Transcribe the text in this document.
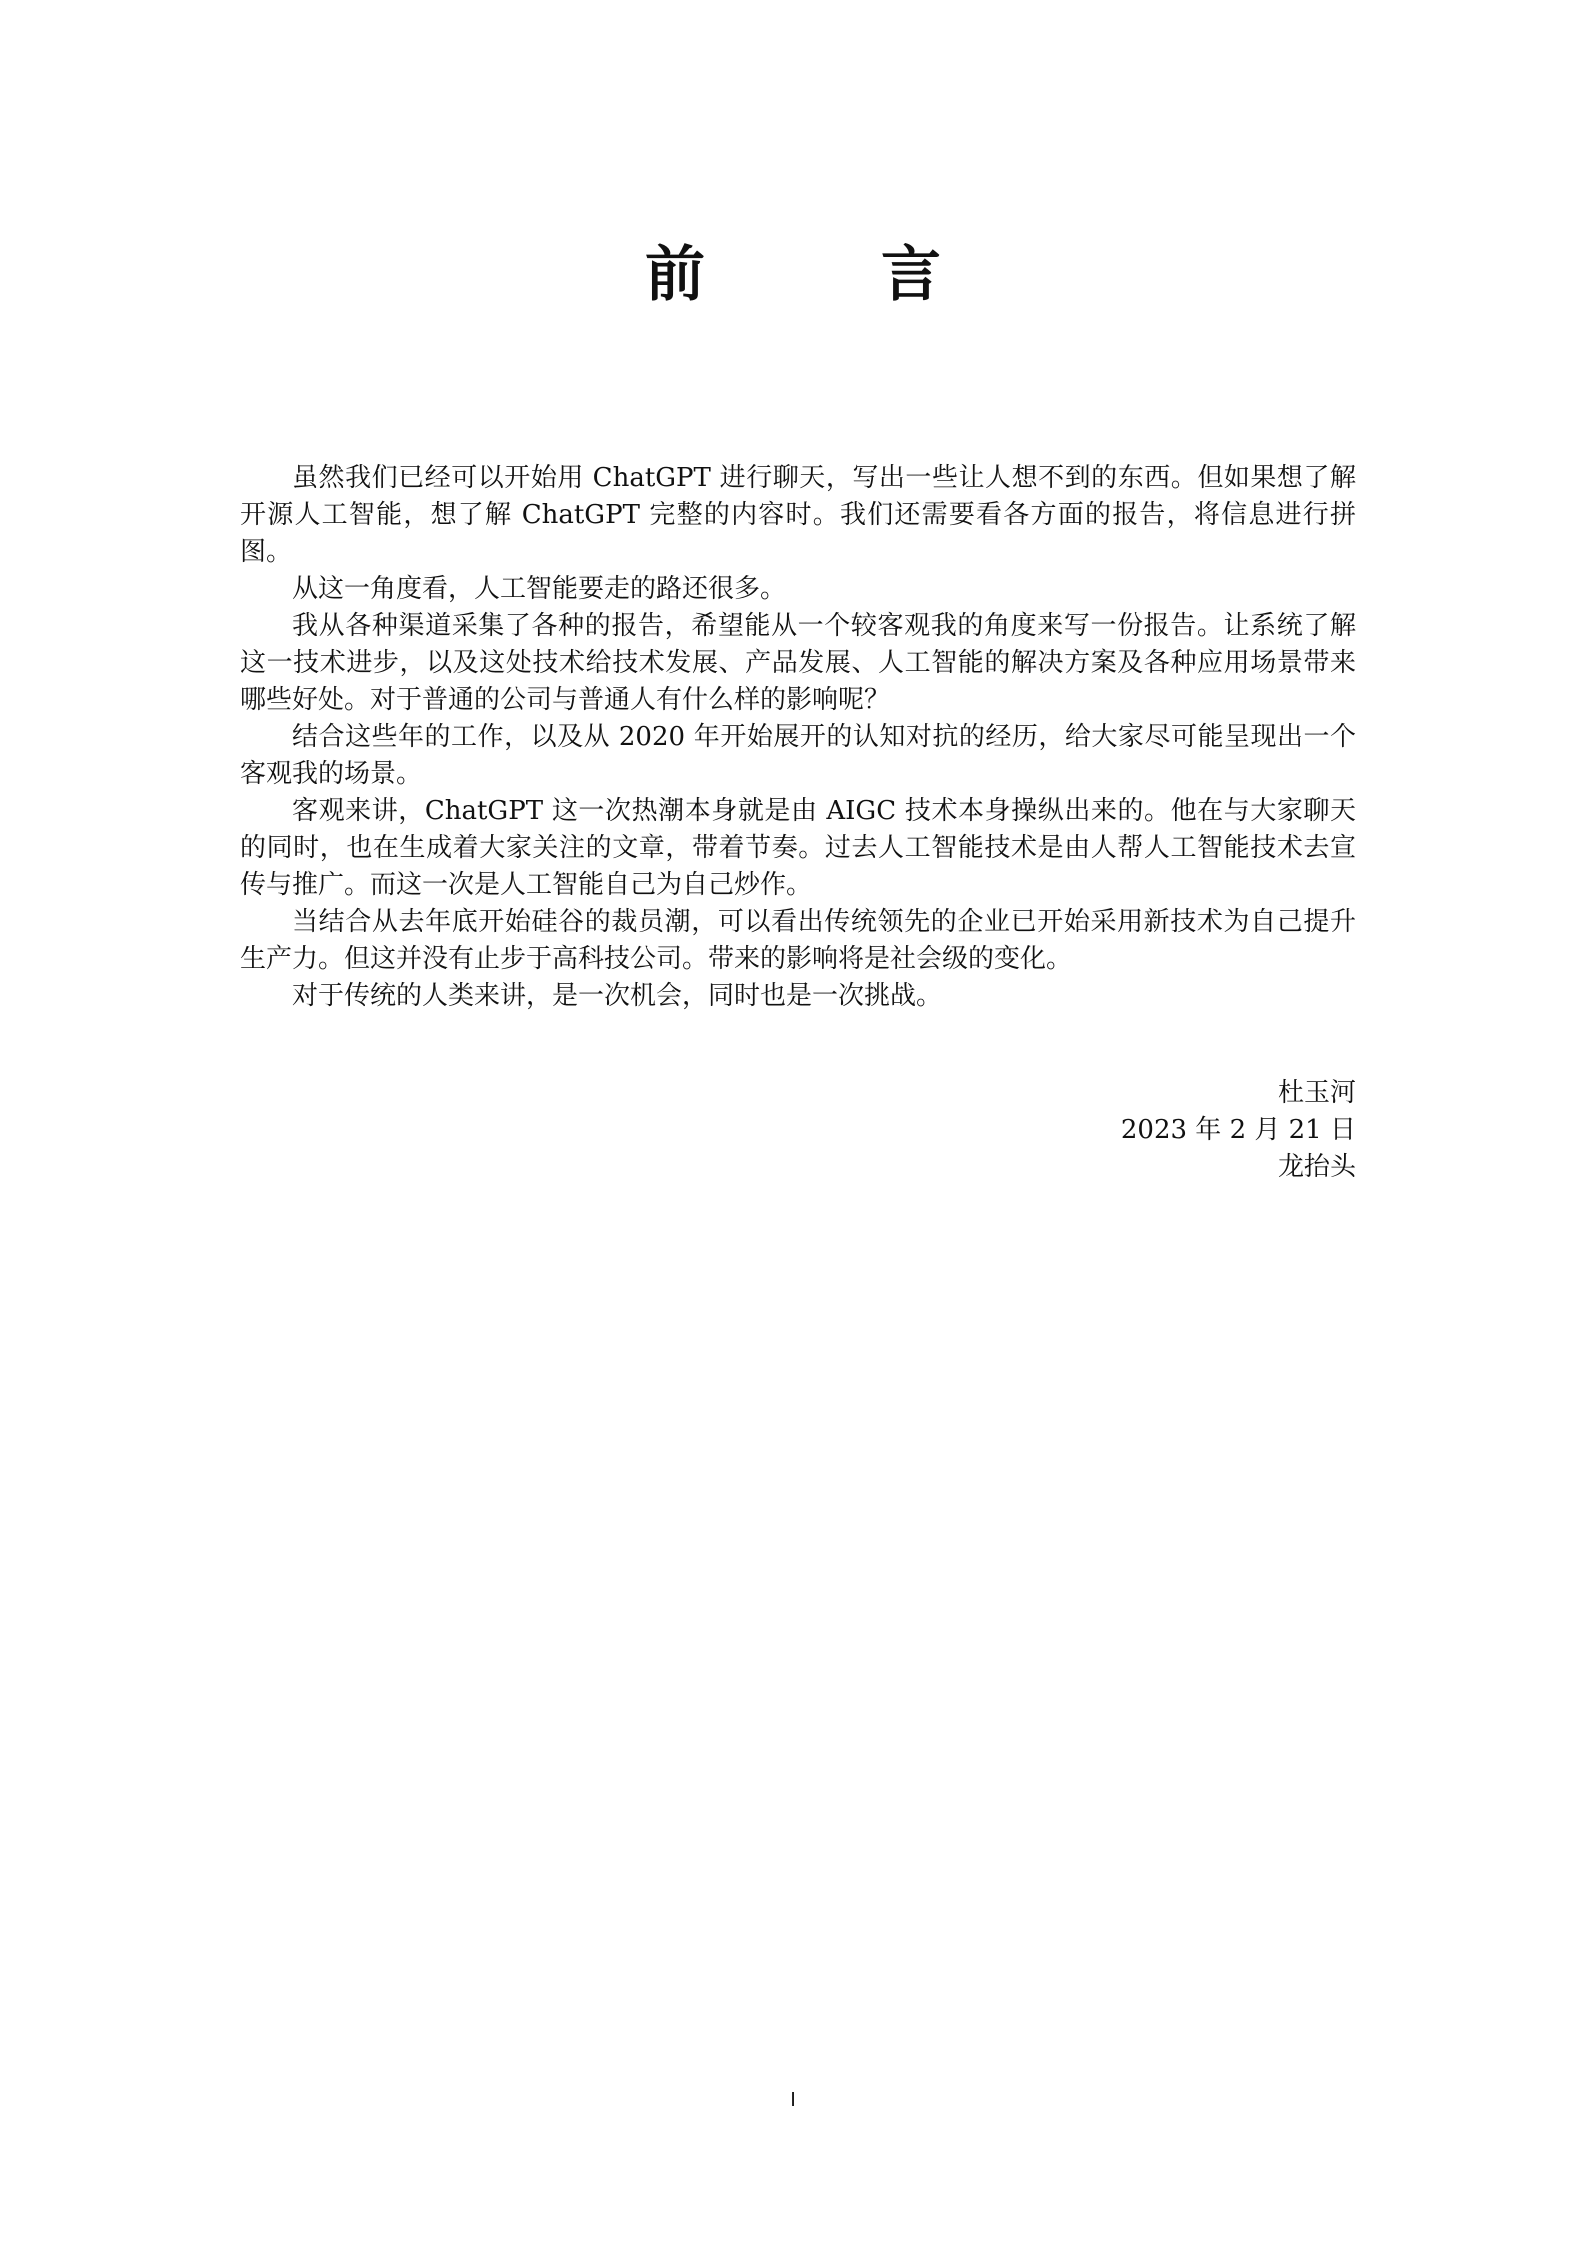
前　言

虽然我们已经可以开始用 ChatGPT 进行聊天，写出一些让人想不到的东西。但如果想了解开源人工智能，想了解 ChatGPT 完整的内容时。我们还需要看各方面的报告，将信息进行拼图。

从这一角度看，人工智能要走的路还很多。

我从各种渠道采集了各种的报告，希望能从一个较客观我的角度来写一份报告。让系统了解这一技术进步，以及这处技术给技术发展、产品发展、人工智能的解决方案及各种应用场景带来哪些好处。对于普通的公司与普通人有什么样的影响呢？

结合这些年的工作，以及从 2020 年开始展开的认知对抗的经历，给大家尽可能呈现出一个客观我的场景。

客观来讲，ChatGPT 这一次热潮本身就是由 AIGC 技术本身操纵出来的。他在与大家聊天的同时，也在生成着大家关注的文章，带着节奏。过去人工智能技术是由人帮人工智能技术去宣传与推广。而这一次是人工智能自己为自己炒作。

当结合从去年底开始硅谷的裁员潮，可以看出传统领先的企业已开始采用新技术为自己提升生产力。但这并没有止步于高科技公司。带来的影响将是社会级的变化。

对于传统的人类来讲，是一次机会，同时也是一次挑战。

杜玉河

2023 年 2 月 21 日

龙抬头

I
